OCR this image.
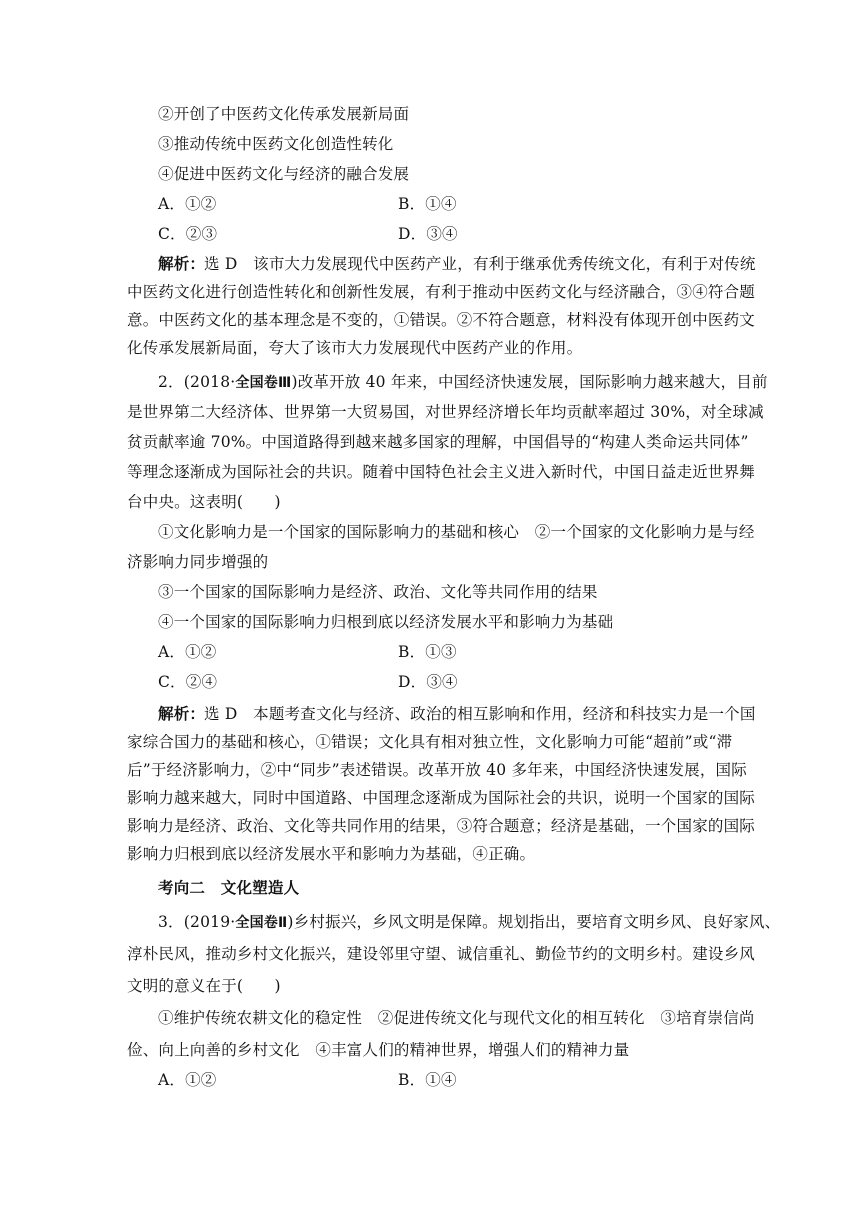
②开创了中医药文化传承发展新局面
③推动传统中医药文化创造性转化
④促进中医药文化与经济的融合发展
A．①②	B．①④
C．②③	D．③④
解析：
选 D　该市大力发展现代中医药产业，有利于继承优秀传统文化，有利于对传统
中医药文化进行创造性转化和创新性发展，有利于推动中医药文化与经济融合，③④符合题
意。中医药文化的基本理念是不变的，①错误。②不符合题意，材料没有体现开创中医药文
化传承发展新局面，夸大了该市大力发展现代中医药产业的作用。
2．(2018·全国卷Ⅲ)改革开放 40 年来，中国经济快速发展，国际影响力越来越大，目前
是世界第二大经济体、世界第一大贸易国，对世界经济增长年均贡献率超过 30%，对全球减
贫贡献率逾 70%。中国道路得到越来越多国家的理解，中国倡导的“构建人类命运共同体”
等理念逐渐成为国际社会的共识。随着中国特色社会主义进入新时代，中国日益走近世界舞
台中央。这表明(　　)
①文化影响力是一个国家的国际影响力的基础和核心　②一个国家的文化影响力是与经
济影响力同步增强的
③一个国家的国际影响力是经济、政治、文化等共同作用的结果
④一个国家的国际影响力归根到底以经济发展水平和影响力为基础
A．①②	B．①③
C．②④	D．③④
解析：
选 D　本题考查文化与经济、政治的相互影响和作用，经济和科技实力是一个国
家综合国力的基础和核心，①错误；文化具有相对独立性，文化影响力可能“超前”或“滞
后”于经济影响力，②中“同步”表述错误。改革开放 40 多年来，中国经济快速发展，国际
影响力越来越大，同时中国道路、中国理念逐渐成为国际社会的共识，说明一个国家的国际
影响力是经济、政治、文化等共同作用的结果，③符合题意；经济是基础，一个国家的国际
影响力归根到底以经济发展水平和影响力为基础，④正确。
考向二　文化塑造人
3．(2019·全国卷Ⅱ)乡村振兴，乡风文明是保障。规划指出，要培育文明乡风、良好家风、
淳朴民风，推动乡村文化振兴，建设邻里守望、诚信重礼、勤俭节约的文明乡村。建设乡风
文明的意义在于(　　)
①维护传统农耕文化的稳定性　②促进传统文化与现代文化的相互转化　③培育崇信尚
俭、向上向善的乡村文化　④丰富人们的精神世界，增强人们的精神力量
A．①②	B．①④
